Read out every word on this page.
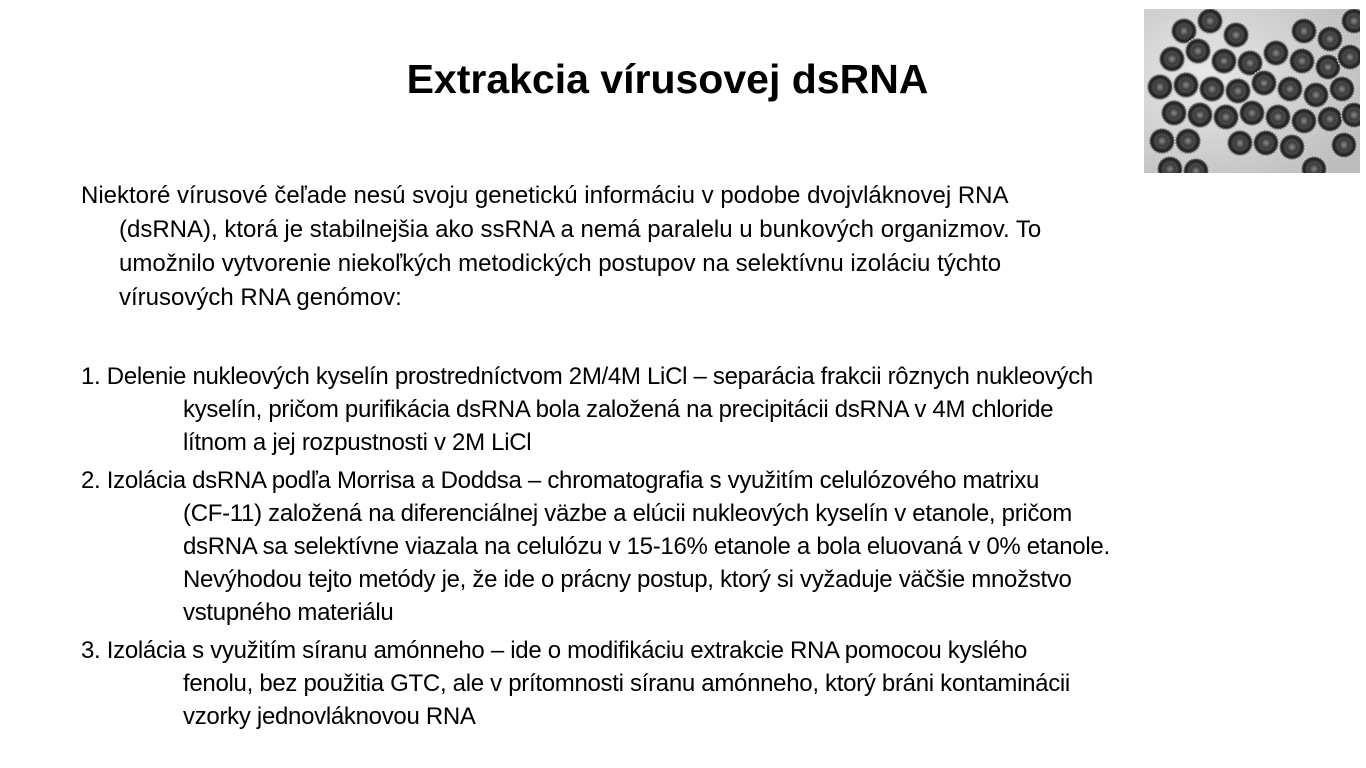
Extrakcia vírusovej dsRNA

Niektoré vírusové čeľade nesú svoju genetickú informáciu v podobe dvojvláknovej RNA
(dsRNA), ktorá je stabilnejšia ako ssRNA a nemá paralelu u bunkových organizmov. To
umožnilo vytvorenie niekoľkých metodických postupov na selektívnu izoláciu týchto
vírusových RNA genómov:

1. Delenie nukleových kyselín prostredníctvom 2M/4M LiCl – separácia frakcii rôznych nukleových
kyselín, pričom purifikácia dsRNA bola založená na precipitácii dsRNA v 4M chloride
lítnom a jej rozpustnosti v 2M LiCl
2. Izolácia dsRNA podľa Morrisa a Doddsa – chromatografia s využitím celulózového matrixu
(CF-11) založená na diferenciálnej väzbe a elúcii nukleových kyselín v etanole, pričom
dsRNA sa selektívne viazala na celulózu v 15-16% etanole a bola eluovaná v 0% etanole.
Nevýhodou tejto metódy je, že ide o prácny postup, ktorý si vyžaduje väčšie množstvo
vstupného materiálu
3. Izolácia s využitím síranu amónneho – ide o modifikáciu extrakcie RNA pomocou kyslého
fenolu, bez použitia GTC, ale v prítomnosti síranu amónneho, ktorý bráni kontaminácii
vzorky jednovláknovou RNA
